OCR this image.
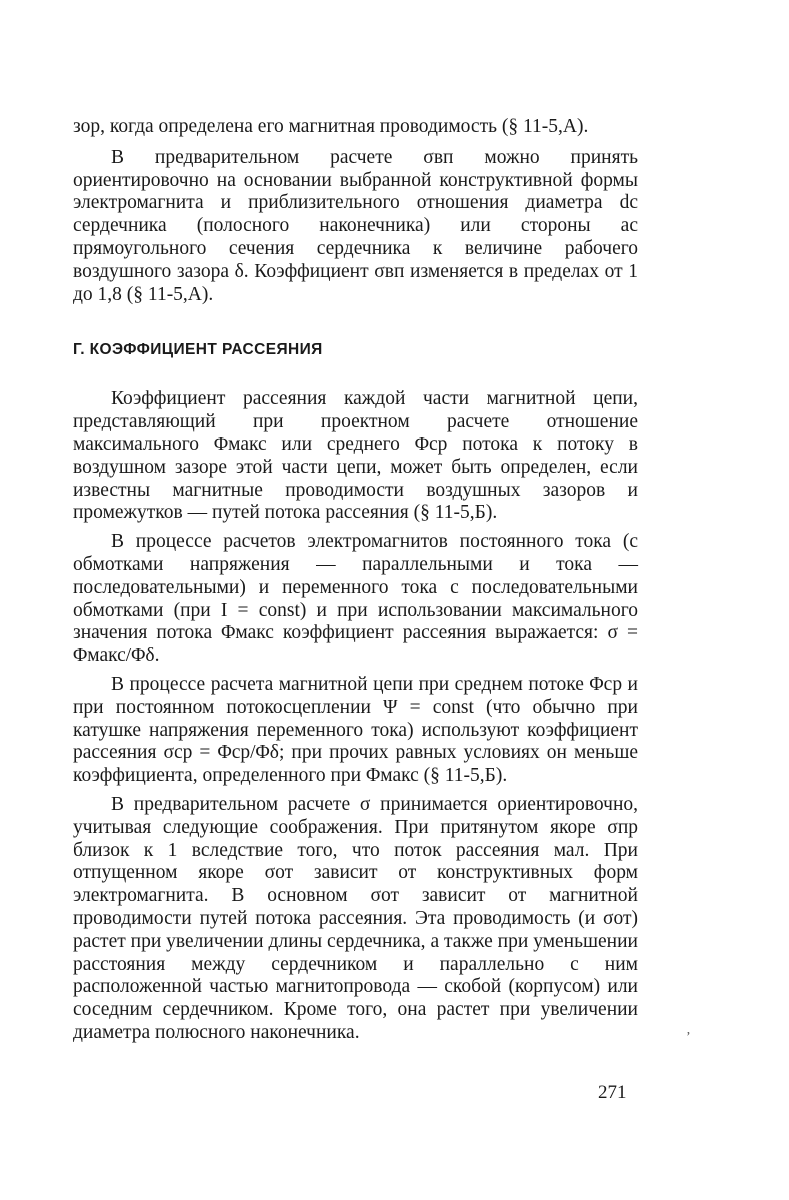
зор, когда определена его магнитная проводимость (§ 11-5,А).

В предварительном расчете σвп можно принять ориентировочно на основании выбранной конструктивной формы электромагнита и приблизительного отношения диаметра dc сердечника (полосного наконечника) или стороны ac прямоугольного сечения сердечника к величине рабочего воздушного зазора δ. Коэффициент σвп изменяется в пределах от 1 до 1,8 (§ 11-5,А).

Г. КОЭФФИЦИЕНТ РАССЕЯНИЯ

Коэффициент рассеяния каждой части магнитной цепи, представляющий при проектном расчете отношение максимального Φмакс или среднего Φср потока к потоку в воздушном зазоре этой части цепи, может быть определен, если известны магнитные проводимости воздушных зазоров и промежутков — путей потока рассеяния (§ 11-5,Б).

В процессе расчетов электромагнитов постоянного тока (с обмотками напряжения — параллельными и тока — последовательными) и переменного тока с последовательными обмотками (при I = const) и при использовании максимального значения потока Φмакс коэффициент рассеяния выражается: σ = Φмакс/Φδ.

В процессе расчета магнитной цепи при среднем потоке Φср и при постоянном потокосцеплении Ψ = const (что обычно при катушке напряжения переменного тока) используют коэффициент рассеяния σср = Φср/Φδ; при прочих равных условиях он меньше коэффициента, определенного при Φмакс (§ 11-5,Б).

В предварительном расчете σ принимается ориентировочно, учитывая следующие соображения. При притянутом якоре σпр близок к 1 вследствие того, что поток рассеяния мал. При отпущенном якоре σот зависит от конструктивных форм электромагнита. В основном σот зависит от магнитной проводимости путей потока рассеяния. Эта проводимость (и σот) растет при увеличении длины сердечника, а также при уменьшении расстояния между сердечником и параллельно с ним расположенной частью магнитопровода — скобой (корпусом) или соседним сердечником. Кроме того, она растет при увеличении диаметра полюсного наконечника.	’
271
